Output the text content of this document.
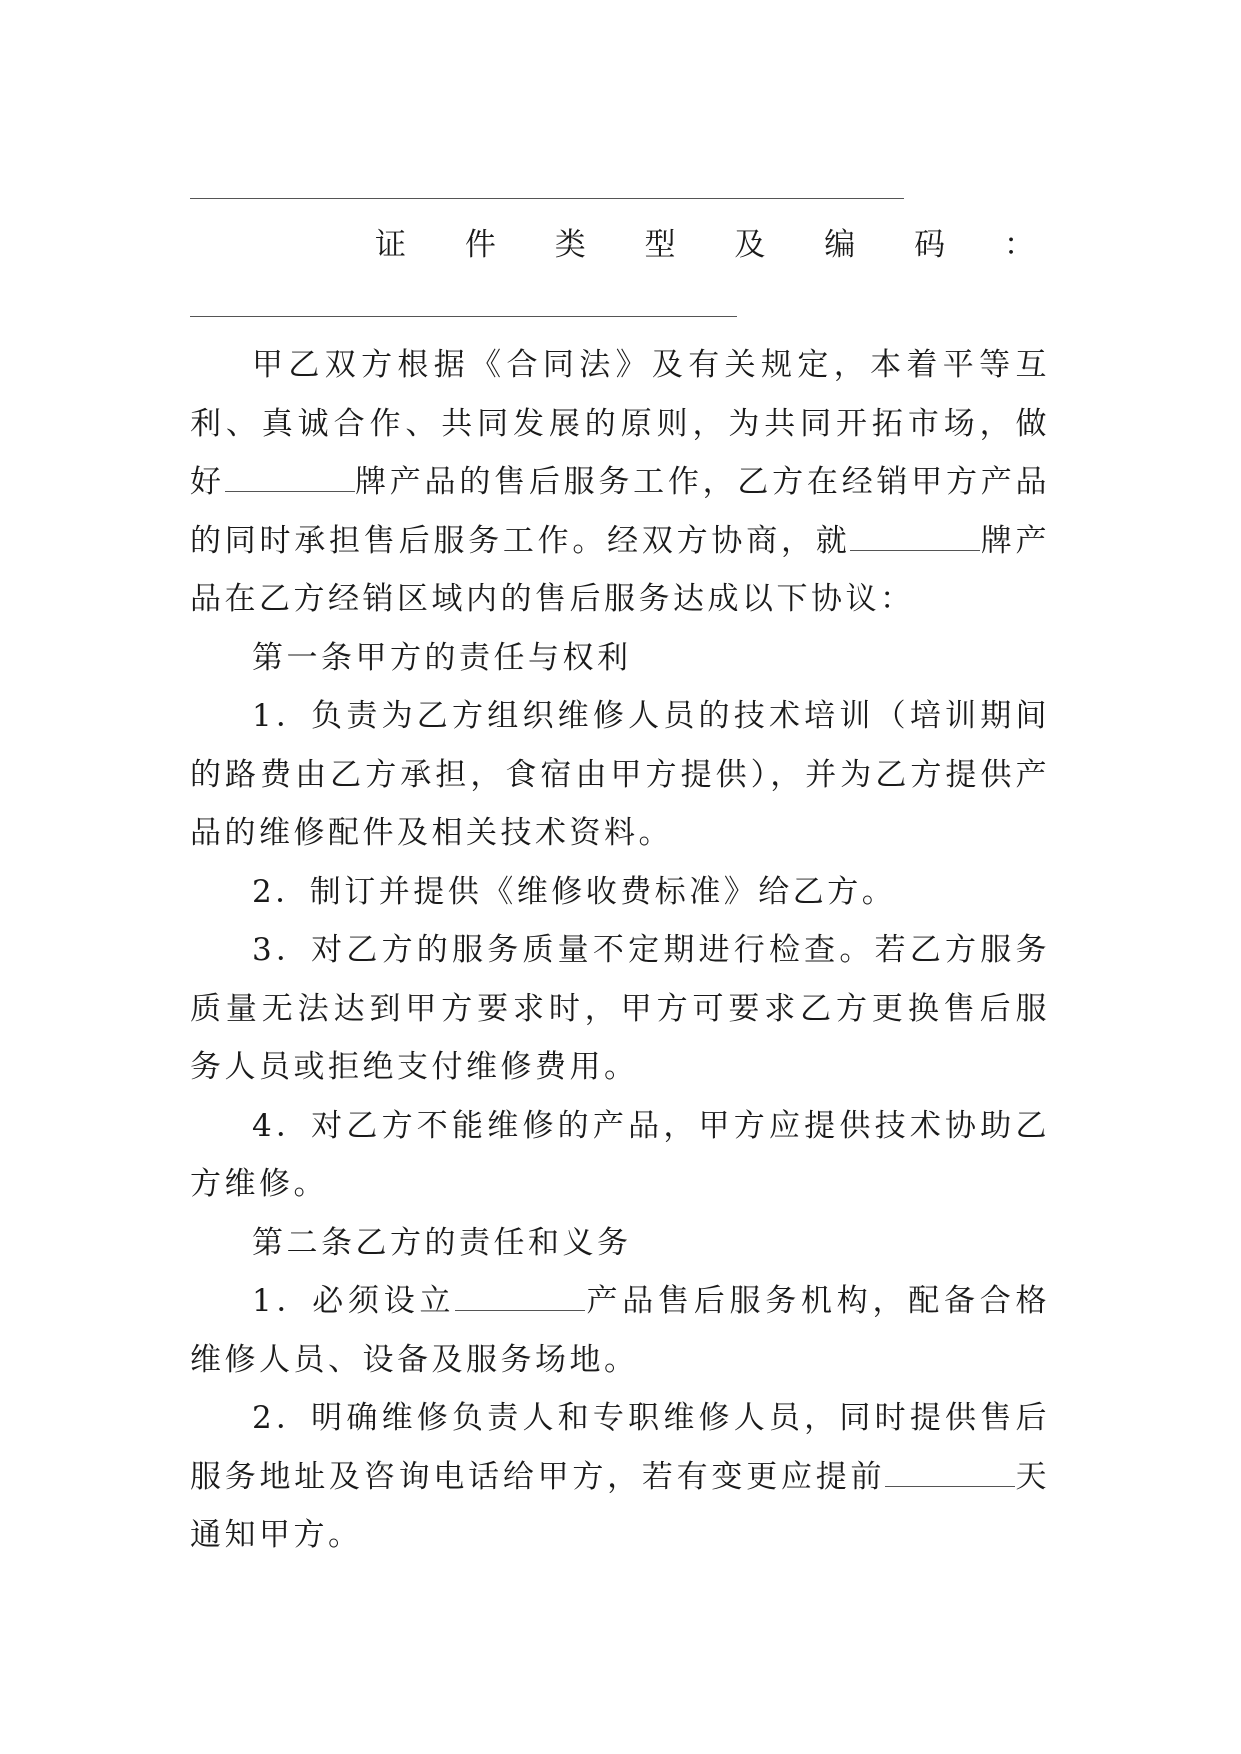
证 件 类 型 及 编 码 ：

甲乙双方根据《合同法》及有关规定，本着平等互利、真诚合作、共同发展的原则，为共同开拓市场，做好	牌产品的售后服务工作，乙方在经销甲方产品的同时承担售后服务工作。经双方协商，就	牌产品在乙方经销区域内的售后服务达成以下协议：

第一条甲方的责任与权利

1．负责为乙方组织维修人员的技术培训（培训期间的路费由乙方承担，食宿由甲方提供），并为乙方提供产品的维修配件及相关技术资料。

2．制订并提供《维修收费标准》给乙方。

3．对乙方的服务质量不定期进行检查。若乙方服务质量无法达到甲方要求时，甲方可要求乙方更换售后服务人员或拒绝支付维修费用。

4．对乙方不能维修的产品，甲方应提供技术协助乙方维修。

第二条乙方的责任和义务

1．必须设立	产品售后服务机构，配备合格维修人员、设备及服务场地。

2．明确维修负责人和专职维修人员，同时提供售后服务地址及咨询电话给甲方，若有变更应提前	天通知甲方。
